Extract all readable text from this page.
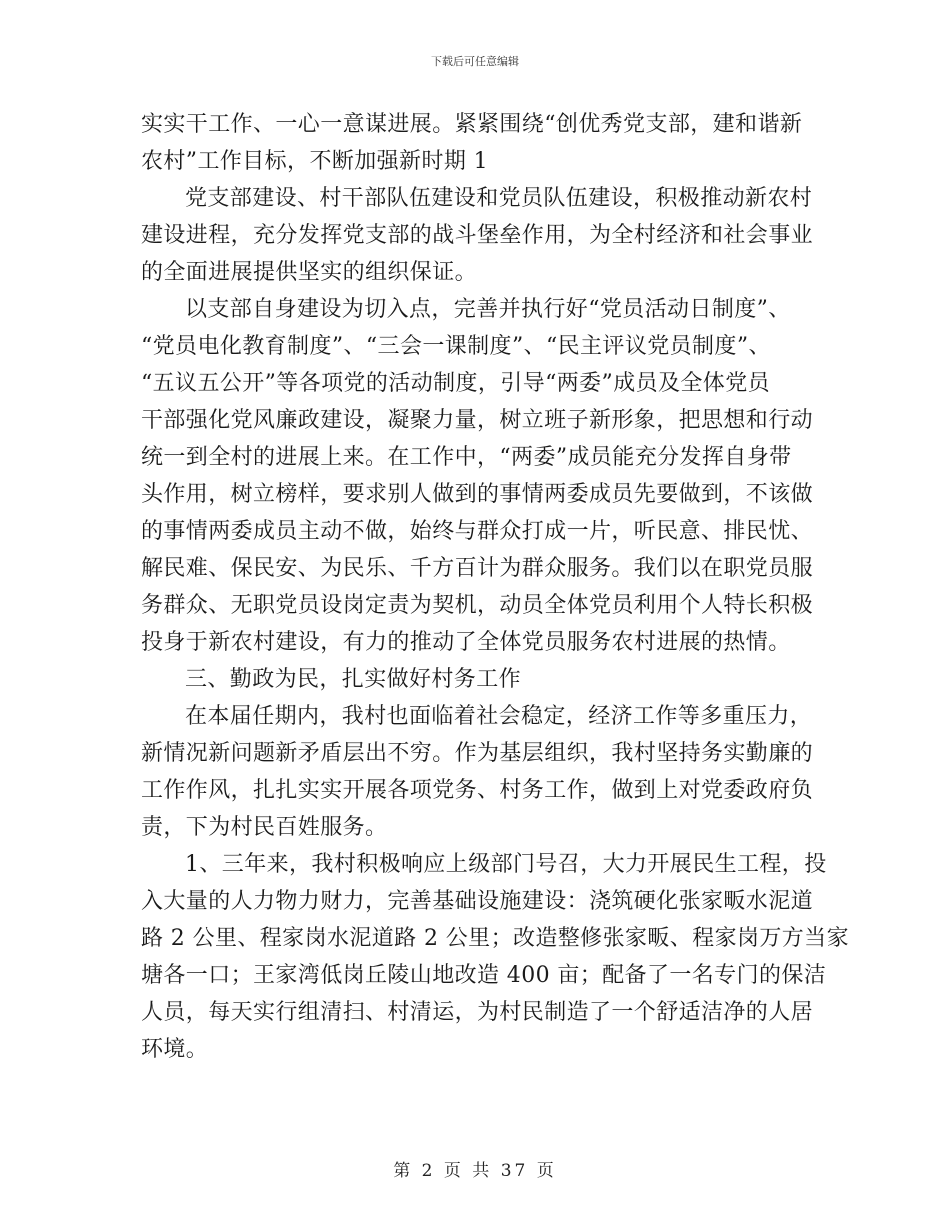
下载后可任意编辑
实实干工作、一心一意谋进展。紧紧围绕“创优秀党支部，建和谐新
农村”工作目标，不断加强新时期 1
党支部建设、村干部队伍建设和党员队伍建设，积极推动新农村
建设进程，充分发挥党支部的战斗堡垒作用，为全村经济和社会事业
的全面进展提供坚实的组织保证。
以支部自身建设为切入点，完善并执行好“党员活动日制度”、
“党员电化教育制度”、“三会一课制度”、“民主评议党员制度”、
“五议五公开”等各项党的活动制度，引导“两委”成员及全体党员
干部强化党风廉政建设，凝聚力量，树立班子新形象，把思想和行动
统一到全村的进展上来。在工作中，“两委”成员能充分发挥自身带
头作用，树立榜样，要求别人做到的事情两委成员先要做到，不该做
的事情两委成员主动不做，始终与群众打成一片，听民意、排民忧、
解民难、保民安、为民乐、千方百计为群众服务。我们以在职党员服
务群众、无职党员设岗定责为契机，动员全体党员利用个人特长积极
投身于新农村建设，有力的推动了全体党员服务农村进展的热情。
三、勤政为民，扎实做好村务工作
在本届任期内，我村也面临着社会稳定，经济工作等多重压力，
新情况新问题新矛盾层出不穷。作为基层组织，我村坚持务实勤廉的
工作作风，扎扎实实开展各项党务、村务工作，做到上对党委政府负
责，下为村民百姓服务。
1、三年来，我村积极响应上级部门号召，大力开展民生工程，投
入大量的人力物力财力，完善基础设施建设：浇筑硬化张家畈水泥道
路 2 公里、程家岗水泥道路 2 公里；改造整修张家畈、程家岗万方当家
塘各一口；王家湾低岗丘陵山地改造 400 亩；配备了一名专门的保洁
人员，每天实行组清扫、村清运，为村民制造了一个舒适洁净的人居
环境。
第 2 页 共 37 页
